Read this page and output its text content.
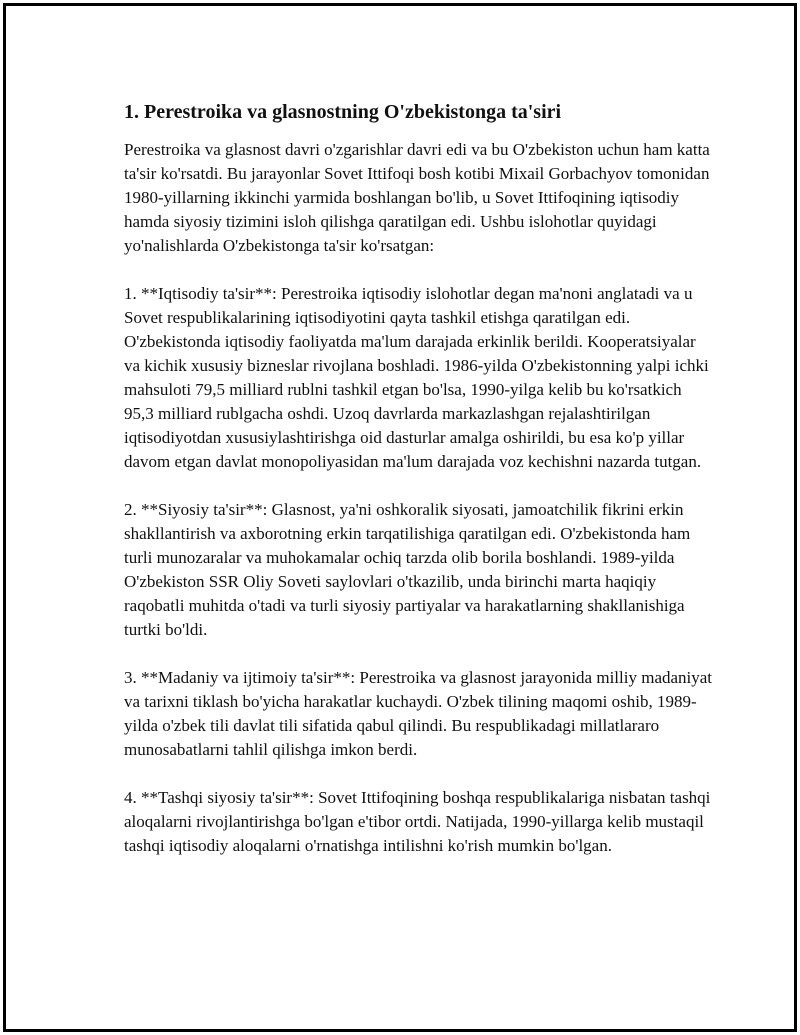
1. Perestroika va glasnostning O'zbekistonga ta'siri

Perestroika va glasnost davri o'zgarishlar davri edi va bu O'zbekiston uchun ham katta ta'sir ko'rsatdi. Bu jarayonlar Sovet Ittifoqi bosh kotibi Mixail Gorbachyov tomonidan 1980-yillarning ikkinchi yarmida boshlangan bo'lib, u Sovet Ittifoqining iqtisodiy hamda siyosiy tizimini isloh qilishga qaratilgan edi. Ushbu islohotlar quyidagi yo'nalishlarda O'zbekistonga ta'sir ko'rsatgan:

1. **Iqtisodiy ta'sir**: Perestroika iqtisodiy islohotlar degan ma'noni anglatadi va u Sovet respublikalarining iqtisodiyotini qayta tashkil etishga qaratilgan edi. O'zbekistonda iqtisodiy faoliyatda ma'lum darajada erkinlik berildi. Kooperatsiyalar va kichik xususiy bizneslar rivojlana boshladi. 1986-yilda O'zbekistonning yalpi ichki mahsuloti 79,5 milliard rublni tashkil etgan bo'lsa, 1990-yilga kelib bu ko'rsatkich 95,3 milliard rublgacha oshdi. Uzoq davrlarda markazlashgan rejalashtirilgan iqtisodiyotdan xususiylashtirishga oid dasturlar amalga oshirildi, bu esa ko'p yillar davom etgan davlat monopoliyasidan ma'lum darajada voz kechishni nazarda tutgan.

2. **Siyosiy ta'sir**: Glasnost, ya'ni oshkoralik siyosati, jamoatchilik fikrini erkin shakllantirish va axborotning erkin tarqatilishiga qaratilgan edi. O'zbekistonda ham turli munozaralar va muhokamalar ochiq tarzda olib borila boshlandi. 1989-yilda O'zbekiston SSR Oliy Soveti saylovlari o'tkazilib, unda birinchi marta haqiqiy raqobatli muhitda o'tadi va turli siyosiy partiyalar va harakatlarning shakllanishiga turtki bo'ldi.

3. **Madaniy va ijtimoiy ta'sir**: Perestroika va glasnost jarayonida milliy madaniyat va tarixni tiklash bo'yicha harakatlar kuchaydi. O'zbek tilining maqomi oshib, 1989-yilda o'zbek tili davlat tili sifatida qabul qilindi. Bu respublikadagi millatlararo munosabatlarni tahlil qilishga imkon berdi.

4. **Tashqi siyosiy ta'sir**: Sovet Ittifoqining boshqa respublikalariga nisbatan tashqi aloqalarni rivojlantirishga bo'lgan e'tibor ortdi. Natijada, 1990-yillarga kelib mustaqil tashqi iqtisodiy aloqalarni o'rnatishga intilishni ko'rish mumkin bo'lgan.
